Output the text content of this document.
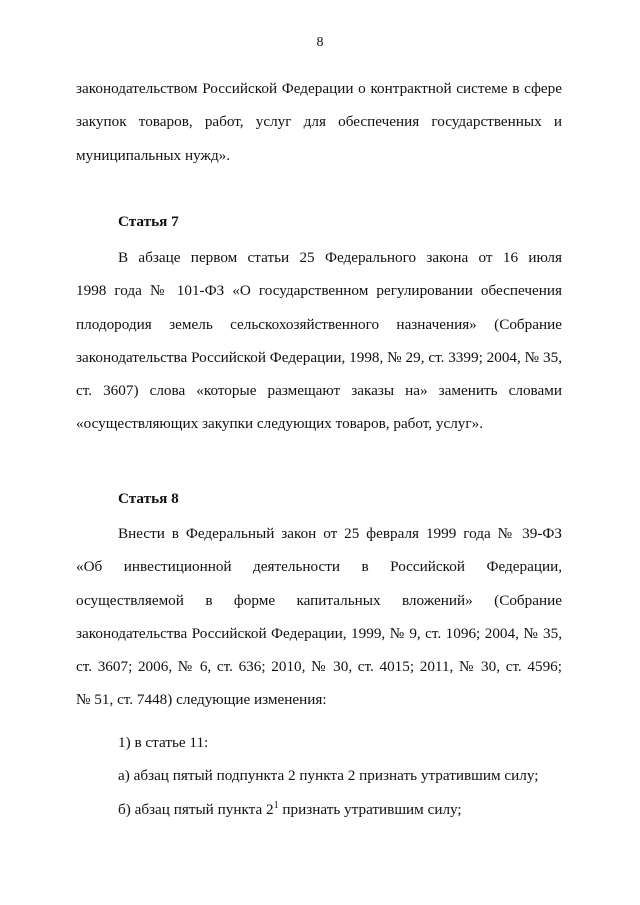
8
законодательством Российской Федерации о контрактной системе в сфере
закупок товаров, работ, услуг для обеспечения государственных и
муниципальных нужд».
Статья 7
В абзаце первом статьи 25 Федерального закона от 16 июля
1998 года № 101-ФЗ «О государственном регулировании обеспечения
плодородия земель сельскохозяйственного назначения» (Собрание
законодательства Российской Федерации, 1998, № 29, ст. 3399; 2004, № 35,
ст. 3607) слова «которые размещают заказы на» заменить словами
«осуществляющих закупки следующих товаров, работ, услуг».
Статья 8
Внести в Федеральный закон от 25 февраля 1999 года № 39-ФЗ
«Об инвестиционной деятельности в Российской Федерации,
осуществляемой в форме капитальных вложений» (Собрание
законодательства Российской Федерации, 1999, № 9, ст. 1096; 2004, № 35,
ст. 3607; 2006, № 6, ст. 636; 2010, № 30, ст. 4015; 2011, № 30, ст. 4596;
№ 51, ст. 7448) следующие изменения:
1) в статье 11:
а) абзац пятый подпункта 2 пункта 2 признать утратившим силу;
б) абзац пятый пункта $2^1$ признать утратившим силу;
